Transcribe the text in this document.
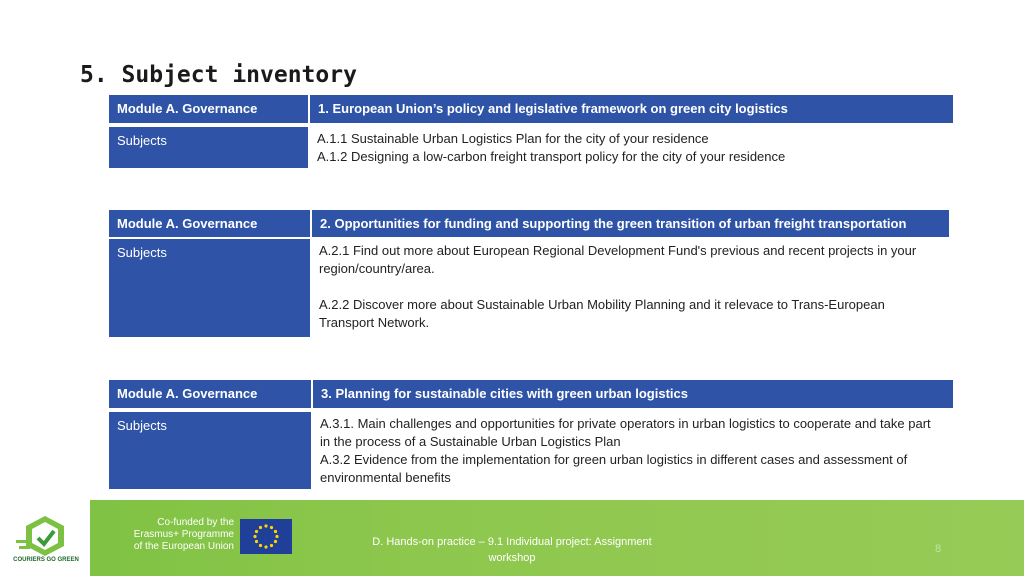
5. Subject inventory
Module A. Governance	1. European Union’s policy and legislative framework on green city logistics
Subjects	A.1.1 Sustainable Urban Logistics Plan for the city of your residence

A.1.2 Designing a low-carbon freight transport policy for the city of your residence

Module A. Governance	2. Opportunities for funding and supporting the green transition of urban freight transportation
Subjects	A.2.1 Find out more about European Regional Development Fund's previous and recent projects in your region/country/area.

A.2.2 Discover more about Sustainable Urban Mobility Planning and it relevace to Trans-European Transport Network.

Module A. Governance	3. Planning for sustainable cities with green urban logistics
Subjects	A.3.1. Main challenges and opportunities for private operators in urban logistics to cooperate and take part in the process of a Sustainable Urban Logistics Plan

A.3.2 Evidence from the implementation for green urban logistics in different cases and assessment of environmental benefits

COURIERS GO GREEN
Co-funded by the
Erasmus+ Programme
of the European Union	D. Hands-on practice – 9.1 Individual project: Assignment
workshop
8
